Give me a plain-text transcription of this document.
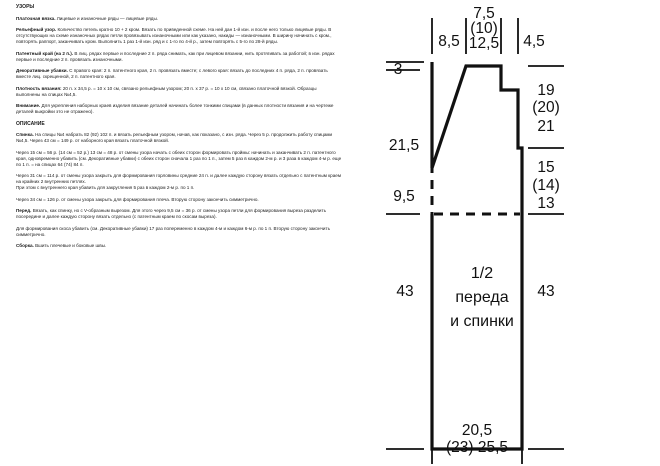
УЗОРЫ

Платочная вязка. Лицевые и изнаночные ряды — лицевые ряды.

Рельефный узор. Количество петель кратно 10 + 2 кром. Вязать по приведенной схеме. На ней дан 1-й изн. и после него только лицевые ряды. В отсутствующих на схеме изнаночных рядах петли провязывать изнаночными или как указано, накиды — изнаночными. В ширину начинать с кром., повторять раппорт, заканчивать кром. Выполнить 1 раз 1-й изн. ряд и с 1-го по 4-й р., затем повторять с 5-го по 28-й ряды.

Патентный край (на 2 п.). В лиц. рядах первые и последние 2 п. ряда снимать, как при лицевом вязании, нить протягивать за работой; в изн. рядах первые и последние 2 п. провязать изнаночными.

Декоративные убавки. С правого края: 2 п. патентного края, 2 п. провязать вместе; с левого края: вязать до последних 4 п. ряда, 2 п. провязать вместе лиц. скрещенной, 2 п. патентного края.

Плотность вязания: 20 п. x 34,5 р. = 10 x 10 см, связано рельефным узором; 20 п. x 37 р. = 10 x 10 см, связано платочной вязкой. Образцы выполнены на спицах №4,5.

Внимание. Для укрепления наборных краев изделия вязание деталей начинать более тонкими спицами (в данных плотности вязания и на чертеже деталей выкройки это не отражено).

ОПИСАНИЕ

Спинка. На спицы №4 набрать 82 (92) 102 п. и вязать рельефным узором, начав, как показано, с изн. ряда. Через 5 р. продолжить работу спицами №4,5. Через 43 см = 149 р. от наборного края вязать платочной вязкой.

Через 15 см = 56 р. (14 см = 52 р.) 13 см = 48 р. от смены узора начать с обеих сторон формировать проймы: начинать и заканчивать 2 п. патентного края, одновременно убавить (см. Декоративные убавки) с обеих сторон сначала 1 раз по 1 п., затем 5 раз в каждом 2-м р. и 3 раза в каждом 4-м р. еще по 1 п. = на спицах 64 (74) 84 п.

Через 31 см = 114 р. от смены узора закрыть для формирования горловины средние 24 п. и далее каждую сторону вязать отдельно с патентным краем на крайних 2 внутренних петлях.
При этом с внутреннего края убавить для закругления 5 раз в каждом 2-м р. по 1 п.

Через 34 см = 126 р. от смены узора закрыть для формирования плеча. Вторую сторону закончить симметрично.

Перед. Вязать, как спинку, но с V-образным вырезом. Для этого через 9,5 см = 36 р. от смены узора петли для формирования выреза разделить посередине и далее каждую сторону вязать отдельно (с патентным краем по скосам выреза).

Для формирования скоса убавить (см. Декоративные убавки) 17 раз попеременно в каждом 4-м и каждом 6-м р. по 1 п. Вторую сторону закончить симметрично.

Сборка. Вшить плечевые и боковые швы.

8,5
7,5
(10)
12,5 4,5
3
21,5
9,5
43
19
(20)
21
15
(14)
13
43
20,5
(23) 25,5
1/2
переда
и спинки
